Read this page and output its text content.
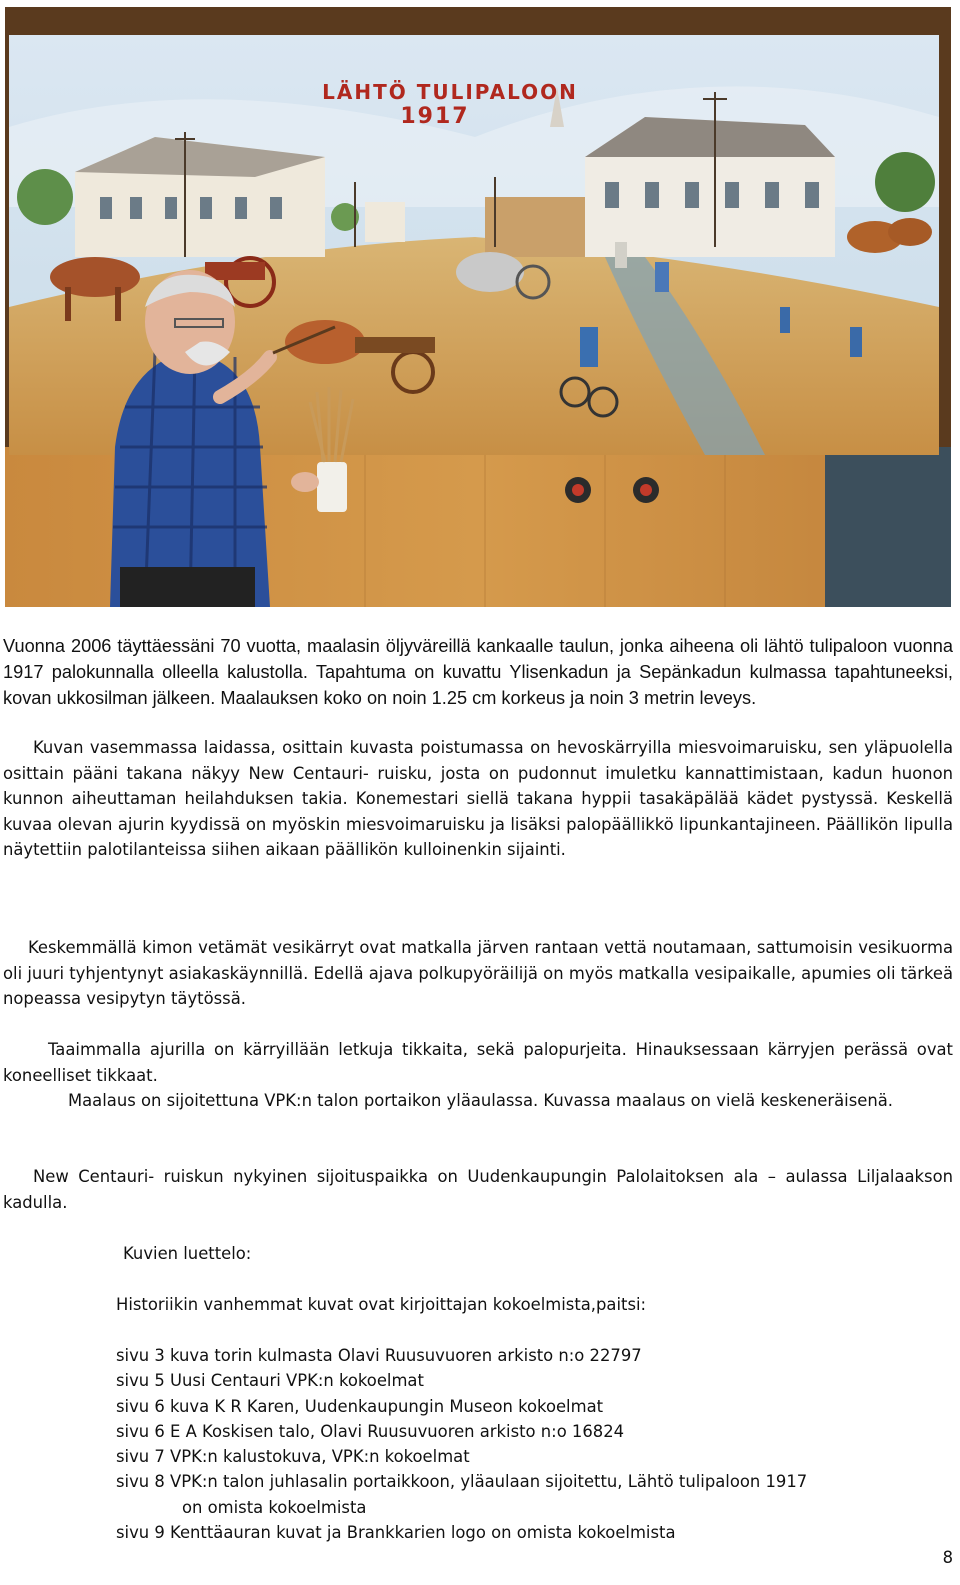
LÄHTÖ TULIPALOON
1917

Vuonna 2006 täyttäessäni 70 vuotta, maalasin öljyväreillä kankaalle taulun, jonka aiheena oli lähtö tulipaloon vuonna 1917 palokunnalla olleella kalustolla. Tapahtuma on kuvattu Ylisenkadun ja Sepänkadun kulmassa tapahtuneeksi, kovan ukkosilman jälkeen. Maalauksen koko on noin 1.25 cm korkeus ja noin 3 metrin leveys.

Kuvan vasemmassa laidassa, osittain kuvasta poistumassa on hevoskärryilla miesvoimaruisku, sen yläpuolella osittain pääni takana näkyy New Centauri- ruisku, josta on pudonnut imuletku kannattimistaan, kadun huonon kunnon aiheuttaman heilahduksen takia. Konemestari siellä takana hyppii tasakäpälää kädet pystyssä. Keskellä kuvaa olevan ajurin kyydissä on myöskin miesvoimaruisku ja lisäksi palopäällikkö lipunkantajineen. Päällikön lipulla näytettiin palotilanteissa siihen aikaan päällikön kulloinenkin sijainti.

Keskemmällä kimon vetämät vesikärryt ovat matkalla järven rantaan vettä noutamaan, sattumoisin vesikuorma oli juuri tyhjentynyt asiakaskäynnillä. Edellä ajava polkupyöräilijä on myös matkalla vesipaikalle, apumies oli tärkeä nopeassa vesipytyn täytössä.

Taaimmalla ajurilla on kärryillään letkuja tikkaita, sekä palopurjeita. Hinauksessaan kärryjen perässä ovat koneelliset tikkaat.

Maalaus on sijoitettuna VPK:n talon portaikon yläaulassa. Kuvassa maalaus on vielä keskeneräisenä.

New Centauri- ruiskun nykyinen sijoituspaikka on Uudenkaupungin Palolaitoksen ala – aulassa Liljalaakson kadulla.

Kuvien luettelo:
Historiikin vanhemmat kuvat ovat kirjoittajan kokoelmista,paitsi:
sivu 3 kuva torin kulmasta Olavi Ruusuvuoren arkisto n:o 22797
sivu 5 Uusi Centauri VPK:n kokoelmat
sivu 6 kuva K R Karen, Uudenkaupungin Museon kokoelmat
sivu 6 E A Koskisen talo, Olavi Ruusuvuoren arkisto n:o 16824
sivu 7 VPK:n kalustokuva, VPK:n kokoelmat
sivu 8 VPK:n talon juhlasalin portaikkoon, yläaulaan sijoitettu, Lähtö tulipaloon 1917
on omista kokoelmista
sivu 9 Kenttäauran kuvat ja Brankkarien logo on omista kokoelmista
8
